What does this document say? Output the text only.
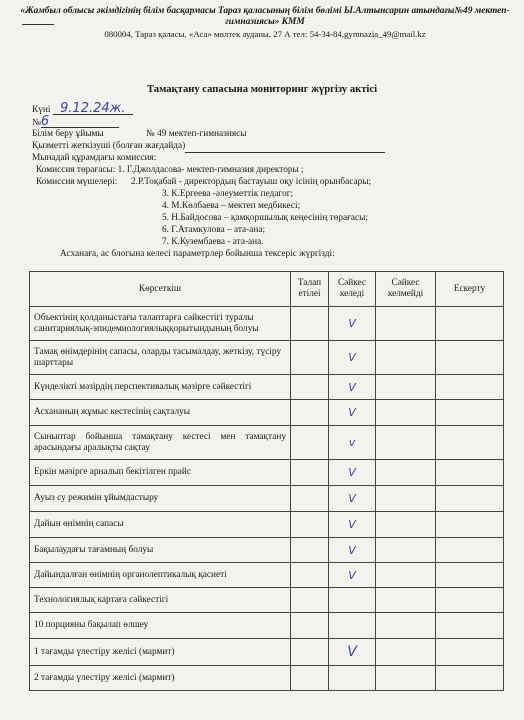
«Жамбыл облысы әкімдігінің білім басқармасы Тараз қаласының білім бөлімі Ы.Алтынсарин атындағы№49 мектеп-гимназиясы» КММ
080004, Тараз қаласы, «Аса» мөлтек ауданы, 27 А тел: 54-34-84,gymnazia_49@mail.kz
Тамақтану сапасына мониторинг жүргізу актісі
Күні 9.12.24ж.
№6
Білім беру ұйымы	№ 49 мектеп-гимназиясы
Қызметті жеткізуші (болған жағдайда)
Мынадай құрамдағы комиссия:
Комиссия төрағасы: 1. Г.Джолдасова- мектеп-гимназия директоры ;
Комиссия мүшелері: 2.Р.Тоқабай - директордың бастауыш оқу ісінің орынбасары;
3. К.Ергеева -әлеуметтік педагог;
4. М.Көлбаева – мектеп медбикесі;
5. Н.Байдосова – қамқоршылық кеңесінің төрағасы;
6. Г.Атамкулова – ата-ана;
7. К.Кузембаева - ата-ана.
Асханаға, ас блогына келесі параметрлер бойынша тексеріс жүргізді:
Көрсеткіш	Талап етілеі	Сәйкес келеді	Сәйкес келмейді	Ескерту
Объектінің қолданыстағы талаптарға сәйкестігі туралы санитариялық-эпидемиологиялыққорытындының болуы		V		
Тамақ өнімдерінің сапасы, оларды тасымалдау, жеткізу, түсіру шарттары		V		
Күнделікті мәзірдің перспективалық мәзірге сәйкестігі		V		
Асхананың жұмыс кестесінің сақталуы		V		
Сыныптар бойынша тамақтану кестесі мен тамақтану арасындағы аралықты сақтау		v		
Еркін мәзірге арналып бекітілген прайс		V		
Ауыз су режимін ұйымдастыру		V		
Дайын өнімнің сапасы		V		
Бақылаудағы тағамның болуы		V		
Дайындалған өнімнің органолептикалық қасиеті		V		
Технологиялық картаға сәйкестігі				
10 порцияны бақылап өлшеу				
1 тағамды үлестіру желісі (мармит)		V		
2 тағамды үлестіру желісі (мармит)				
